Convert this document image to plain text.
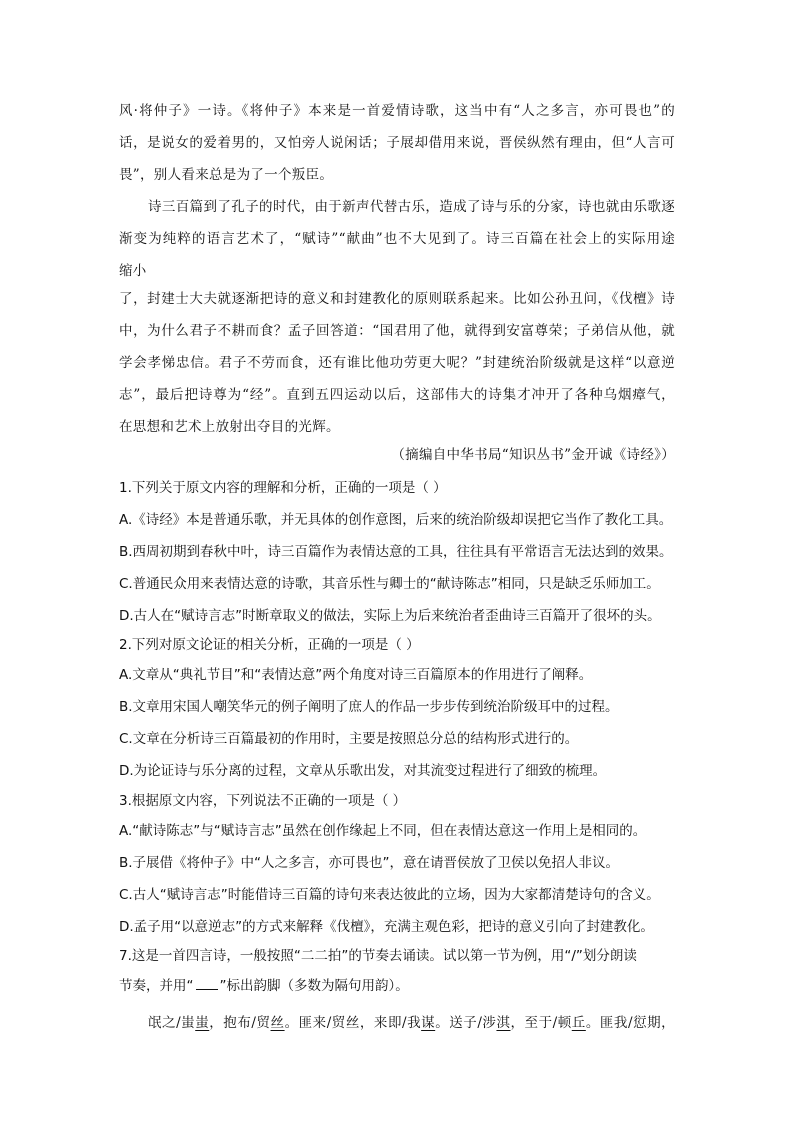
风·将仲子》一诗。《将仲子》本来是一首爱情诗歌，这当中有“人之多言，亦可畏也”的
话，是说女的爱着男的，又怕旁人说闲话；子展却借用来说，晋侯纵然有理由，但“人言可
畏”，别人看来总是为了一个叛臣。
诗三百篇到了孔子的时代，由于新声代替古乐，造成了诗与乐的分家，诗也就由乐歌逐
渐变为纯粹的语言艺术了，“赋诗”“献曲”也不大见到了。诗三百篇在社会上的实际用途
缩小
了，封建士大夫就逐渐把诗的意义和封建教化的原则联系起来。比如公孙丑问，《伐檀》诗
中，为什么君子不耕而食？孟子回答道：“国君用了他，就得到安富尊荣；子弟信从他，就
学会孝悌忠信。君子不劳而食，还有谁比他功劳更大呢？”封建统治阶级就是这样“以意逆
志”，最后把诗尊为“经”。直到五四运动以后，这部伟大的诗集才冲开了各种乌烟瘴气，
在思想和艺术上放射出夺目的光辉。
（摘编自中华书局“知识丛书”金开诚《诗经》）
1.下列关于原文内容的理解和分析，正确的一项是（ ）
A.《诗经》本是普通乐歌，并无具体的创作意图，后来的统治阶级却误把它当作了教化工具。
B.西周初期到春秋中叶，诗三百篇作为表情达意的工具，往往具有平常语言无法达到的效果。
C.普通民众用来表情达意的诗歌，其音乐性与卿士的“献诗陈志”相同，只是缺乏乐师加工。
D.古人在“赋诗言志”时断章取义的做法，实际上为后来统治者歪曲诗三百篇开了很坏的头。
2.下列对原文论证的相关分析，正确的一项是（ ）
A.文章从“典礼节目”和“表情达意”两个角度对诗三百篇原本的作用进行了阐释。
B.文章用宋国人嘲笑华元的例子阐明了庶人的作品一步步传到统治阶级耳中的过程。
C.文章在分析诗三百篇最初的作用时，主要是按照总分总的结构形式进行的。
D.为论证诗与乐分离的过程，文章从乐歌出发，对其流变过程进行了细致的梳理。
3.根据原文内容，下列说法不正确的一项是（ ）
A.“献诗陈志”与“赋诗言志”虽然在创作缘起上不同，但在表情达意这一作用上是相同的。
B.子展借《将仲子》中“人之多言，亦可畏也”，意在请晋侯放了卫侯以免招人非议。
C.古人“赋诗言志”时能借诗三百篇的诗句来表达彼此的立场，因为大家都清楚诗句的含义。
D.孟子用“以意逆志”的方式来解释《伐檀》，充满主观色彩，把诗的意义引向了封建教化。
7.这是一首四言诗，一般按照“二二拍”的节奏去诵读。试以第一节为例，用“/”划分朗读
节奏，并用“ ”标出韵脚（多数为隔句用韵）。
氓之/蚩蚩，抱布/贸丝。匪来/贸丝，来即/我谋。送子/涉淇，至于/顿丘。匪我/愆期，
